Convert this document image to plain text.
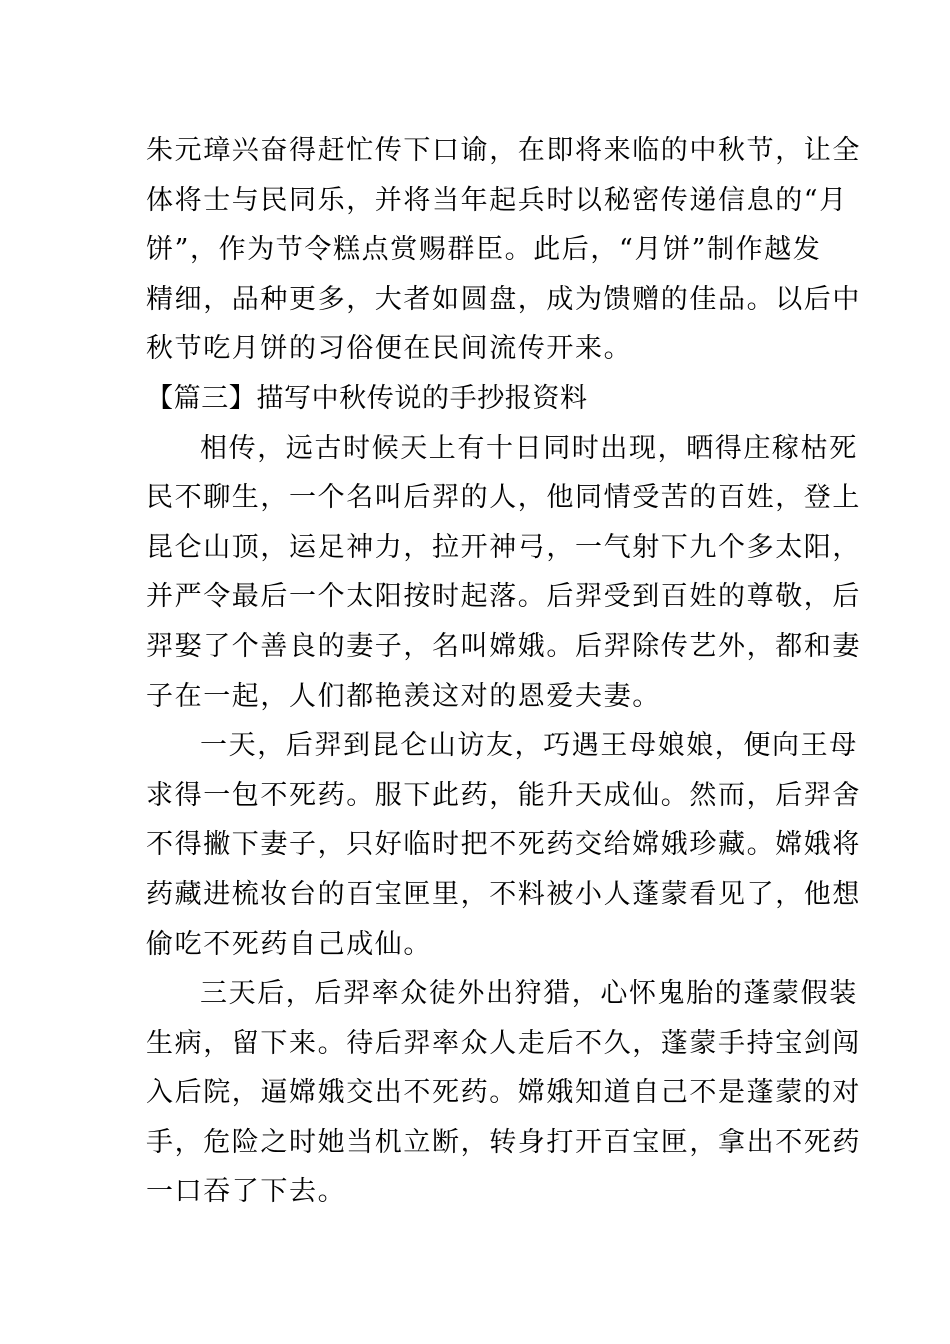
朱元璋兴奋得赶忙传下口谕，在即将来临的中秋节，让全
体将士与民同乐，并将当年起兵时以秘密传递信息的“月
饼”，作为节令糕点赏赐群臣。此后，“月饼”制作越发
精细，品种更多，大者如圆盘，成为馈赠的佳品。以后中
秋节吃月饼的习俗便在民间流传开来。
【篇三】描写中秋传说的手抄报资料
相传，远古时候天上有十日同时出现，晒得庄稼枯死
民不聊生，一个名叫后羿的人，他同情受苦的百姓，登上
昆仑山顶，运足神力，拉开神弓，一气射下九个多太阳，
并严令最后一个太阳按时起落。后羿受到百姓的尊敬，后
羿娶了个善良的妻子，名叫嫦娥。后羿除传艺外，都和妻
子在一起，人们都艳羡这对的恩爱夫妻。
一天，后羿到昆仑山访友，巧遇王母娘娘，便向王母
求得一包不死药。服下此药，能升天成仙。然而，后羿舍
不得撇下妻子，只好临时把不死药交给嫦娥珍藏。嫦娥将
药藏进梳妆台的百宝匣里，不料被小人蓬蒙看见了，他想
偷吃不死药自己成仙。
三天后，后羿率众徒外出狩猎，心怀鬼胎的蓬蒙假装
生病，留下来。待后羿率众人走后不久，蓬蒙手持宝剑闯
入后院，逼嫦娥交出不死药。嫦娥知道自己不是蓬蒙的对
手，危险之时她当机立断，转身打开百宝匣，拿出不死药
一口吞了下去。
